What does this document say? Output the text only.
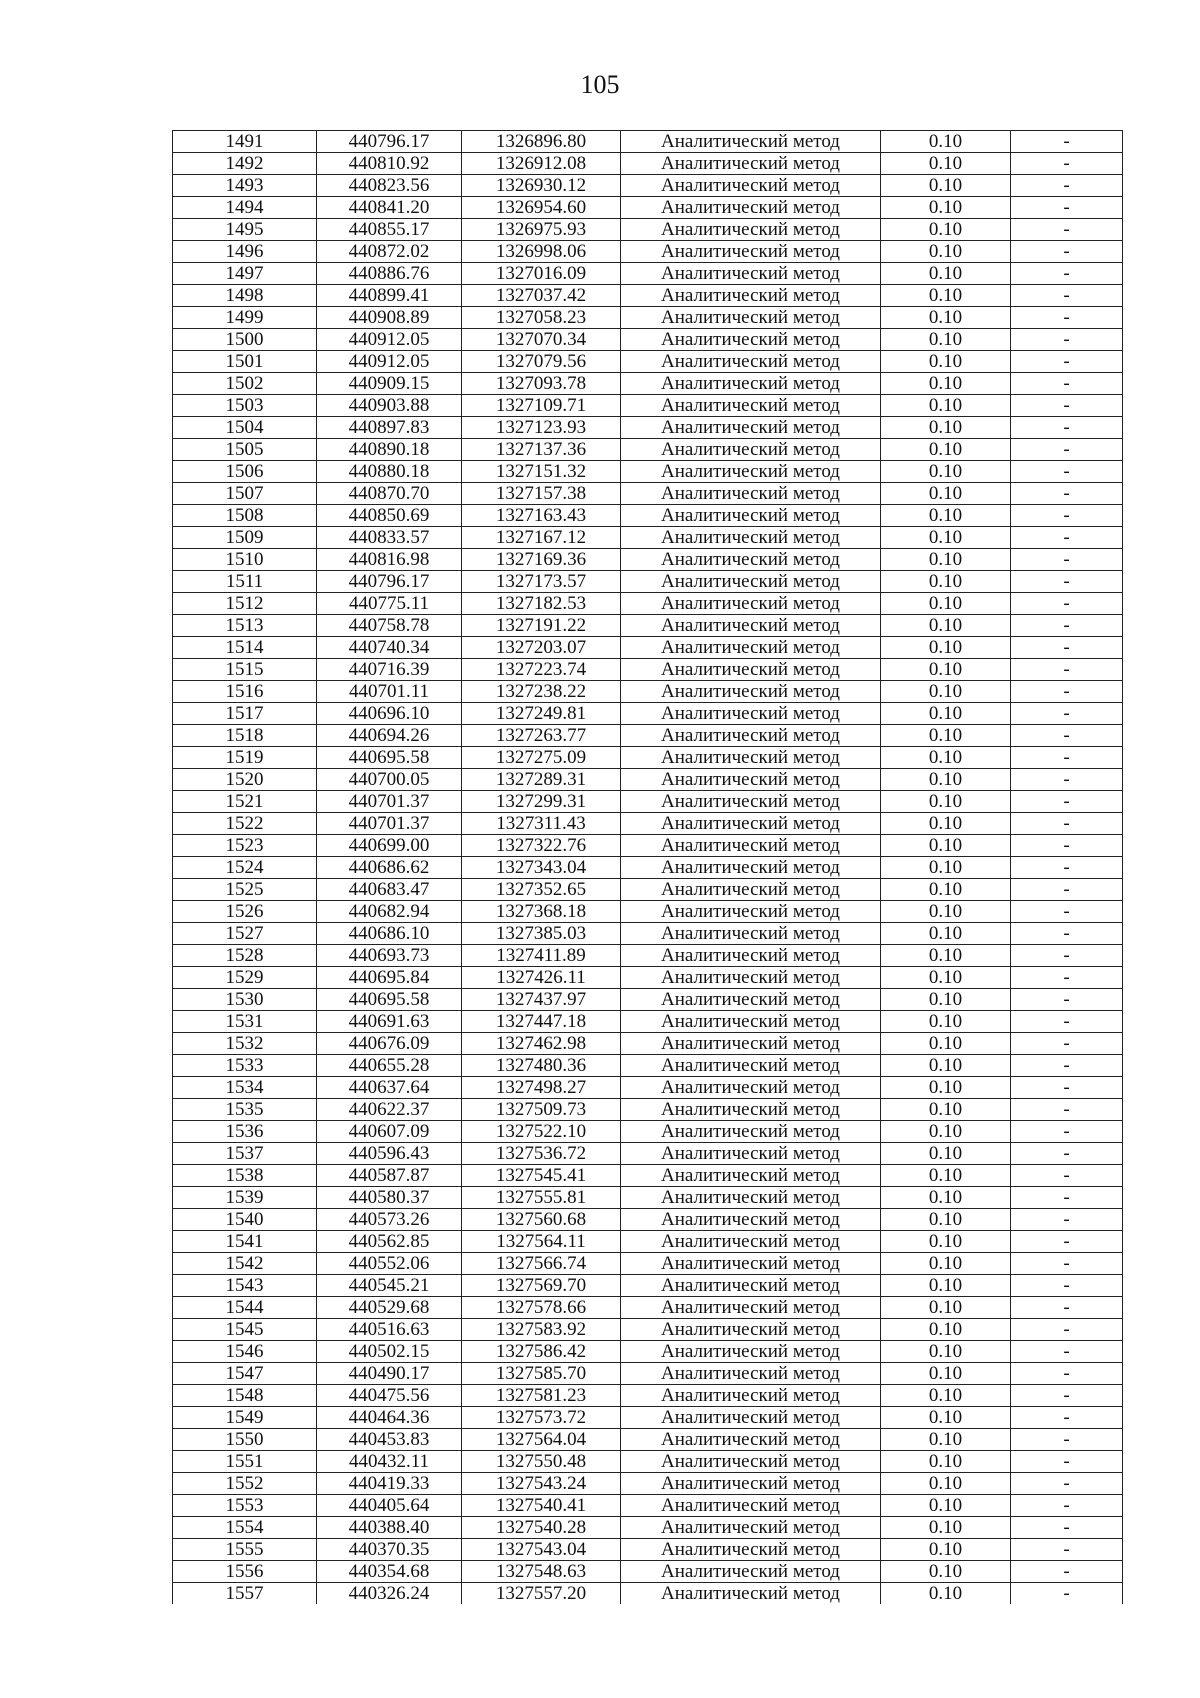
105
1491	440796.17	1326896.80	Аналитический метод	0.10	-
1492	440810.92	1326912.08	Аналитический метод	0.10	-
1493	440823.56	1326930.12	Аналитический метод	0.10	-
1494	440841.20	1326954.60	Аналитический метод	0.10	-
1495	440855.17	1326975.93	Аналитический метод	0.10	-
1496	440872.02	1326998.06	Аналитический метод	0.10	-
1497	440886.76	1327016.09	Аналитический метод	0.10	-
1498	440899.41	1327037.42	Аналитический метод	0.10	-
1499	440908.89	1327058.23	Аналитический метод	0.10	-
1500	440912.05	1327070.34	Аналитический метод	0.10	-
1501	440912.05	1327079.56	Аналитический метод	0.10	-
1502	440909.15	1327093.78	Аналитический метод	0.10	-
1503	440903.88	1327109.71	Аналитический метод	0.10	-
1504	440897.83	1327123.93	Аналитический метод	0.10	-
1505	440890.18	1327137.36	Аналитический метод	0.10	-
1506	440880.18	1327151.32	Аналитический метод	0.10	-
1507	440870.70	1327157.38	Аналитический метод	0.10	-
1508	440850.69	1327163.43	Аналитический метод	0.10	-
1509	440833.57	1327167.12	Аналитический метод	0.10	-
1510	440816.98	1327169.36	Аналитический метод	0.10	-
1511	440796.17	1327173.57	Аналитический метод	0.10	-
1512	440775.11	1327182.53	Аналитический метод	0.10	-
1513	440758.78	1327191.22	Аналитический метод	0.10	-
1514	440740.34	1327203.07	Аналитический метод	0.10	-
1515	440716.39	1327223.74	Аналитический метод	0.10	-
1516	440701.11	1327238.22	Аналитический метод	0.10	-
1517	440696.10	1327249.81	Аналитический метод	0.10	-
1518	440694.26	1327263.77	Аналитический метод	0.10	-
1519	440695.58	1327275.09	Аналитический метод	0.10	-
1520	440700.05	1327289.31	Аналитический метод	0.10	-
1521	440701.37	1327299.31	Аналитический метод	0.10	-
1522	440701.37	1327311.43	Аналитический метод	0.10	-
1523	440699.00	1327322.76	Аналитический метод	0.10	-
1524	440686.62	1327343.04	Аналитический метод	0.10	-
1525	440683.47	1327352.65	Аналитический метод	0.10	-
1526	440682.94	1327368.18	Аналитический метод	0.10	-
1527	440686.10	1327385.03	Аналитический метод	0.10	-
1528	440693.73	1327411.89	Аналитический метод	0.10	-
1529	440695.84	1327426.11	Аналитический метод	0.10	-
1530	440695.58	1327437.97	Аналитический метод	0.10	-
1531	440691.63	1327447.18	Аналитический метод	0.10	-
1532	440676.09	1327462.98	Аналитический метод	0.10	-
1533	440655.28	1327480.36	Аналитический метод	0.10	-
1534	440637.64	1327498.27	Аналитический метод	0.10	-
1535	440622.37	1327509.73	Аналитический метод	0.10	-
1536	440607.09	1327522.10	Аналитический метод	0.10	-
1537	440596.43	1327536.72	Аналитический метод	0.10	-
1538	440587.87	1327545.41	Аналитический метод	0.10	-
1539	440580.37	1327555.81	Аналитический метод	0.10	-
1540	440573.26	1327560.68	Аналитический метод	0.10	-
1541	440562.85	1327564.11	Аналитический метод	0.10	-
1542	440552.06	1327566.74	Аналитический метод	0.10	-
1543	440545.21	1327569.70	Аналитический метод	0.10	-
1544	440529.68	1327578.66	Аналитический метод	0.10	-
1545	440516.63	1327583.92	Аналитический метод	0.10	-
1546	440502.15	1327586.42	Аналитический метод	0.10	-
1547	440490.17	1327585.70	Аналитический метод	0.10	-
1548	440475.56	1327581.23	Аналитический метод	0.10	-
1549	440464.36	1327573.72	Аналитический метод	0.10	-
1550	440453.83	1327564.04	Аналитический метод	0.10	-
1551	440432.11	1327550.48	Аналитический метод	0.10	-
1552	440419.33	1327543.24	Аналитический метод	0.10	-
1553	440405.64	1327540.41	Аналитический метод	0.10	-
1554	440388.40	1327540.28	Аналитический метод	0.10	-
1555	440370.35	1327543.04	Аналитический метод	0.10	-
1556	440354.68	1327548.63	Аналитический метод	0.10	-
1557	440326.24	1327557.20	Аналитический метод	0.10	-
